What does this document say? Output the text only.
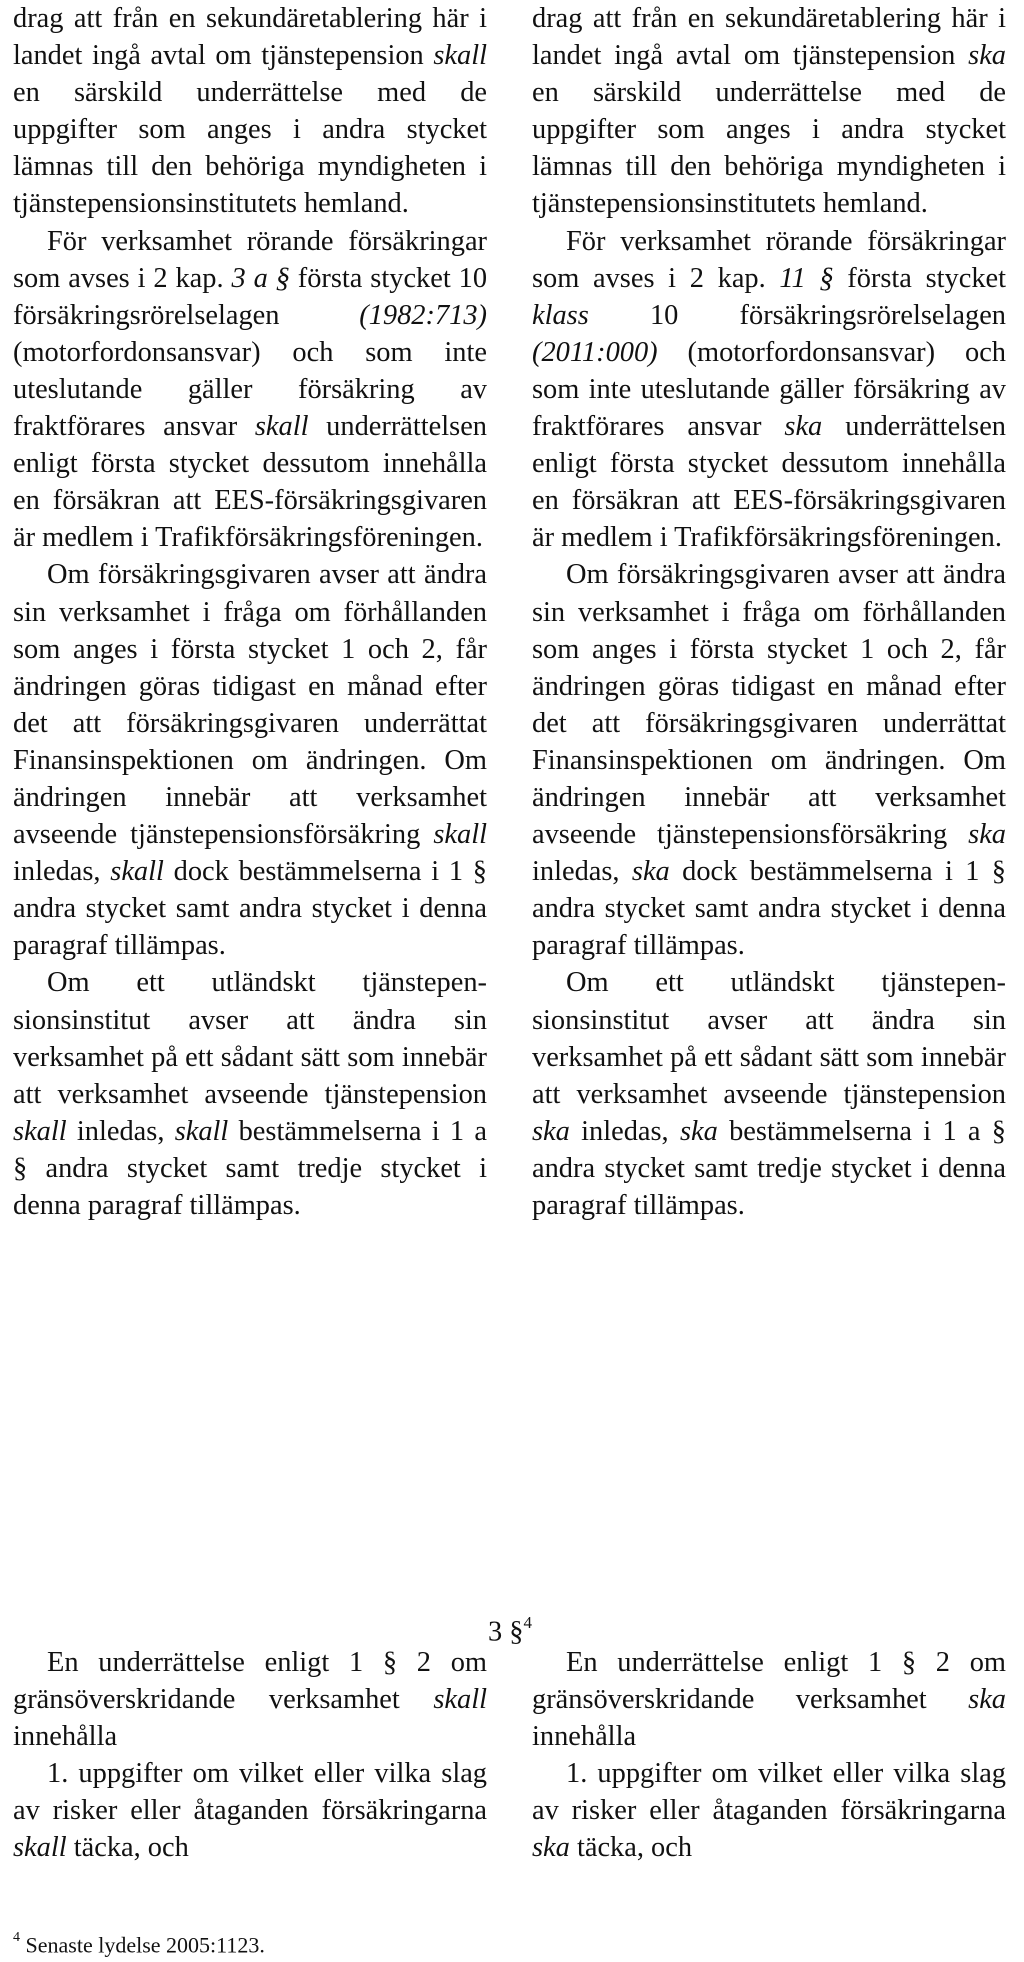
drag att från en sekundäretablering här i landet ingå avtal om tjänstepension skall en särskild underrättelse med de uppgifter som anges i andra stycket lämnas till den behöriga myndigheten i tjänstepensionsinstitutets hemland.

För verksamhet rörande försäkringar som avses i 2 kap. 3 a § första stycket 10 försäkringsrörelselagen (1982:713) (motorfordonsansvar) och som inte uteslutande gäller försäkring av fraktförares ansvar skall underrättelsen enligt första stycket dessutom innehålla en försäkran att EES-försäkringsgivaren är medlem i Trafikförsäkringsföreningen.

Om försäkringsgivaren avser att ändra sin verksamhet i fråga om förhållanden som anges i första stycket 1 och 2, får ändringen göras tidigast en månad efter det att försäkringsgivaren underrättat Finansinspektionen om ändringen. Om ändringen innebär att verksamhet avseende tjänstepensionsförsäkring skall inledas, skall dock bestämmelserna i 1 § andra stycket samt andra stycket i denna paragraf tillämpas.

Om ett utländskt tjänstepensionsinstitut avser att ändra sin verksamhet på ett sådant sätt som innebär att verksamhet avseende tjänstepension skall inledas, skall bestämmelserna i 1 a § andra stycket samt tredje stycket i denna paragraf tillämpas.

drag att från en sekundäretablering här i landet ingå avtal om tjänstepension ska en särskild underrättelse med de uppgifter som anges i andra stycket lämnas till den behöriga myndigheten i tjänstepensionsinstitutets hemland.

För verksamhet rörande försäkringar som avses i 2 kap. 11 § första stycket klass 10 försäkringsrörelselagen (2011:000) (motorfordonsansvar) och som inte uteslutande gäller försäkring av fraktförares ansvar ska underrättelsen enligt första stycket dessutom innehålla en försäkran att EES-försäkringsgivaren är medlem i Trafikförsäkringsföreningen.

Om försäkringsgivaren avser att ändra sin verksamhet i fråga om förhållanden som anges i första stycket 1 och 2, får ändringen göras tidigast en månad efter det att försäkringsgivaren underrättat Finansinspektionen om ändringen. Om ändringen innebär att verksamhet avseende tjänstepensionsförsäkring ska inledas, ska dock bestämmelserna i 1 § andra stycket samt andra stycket i denna paragraf tillämpas.

Om ett utländskt tjänstepensionsinstitut avser att ändra sin verksamhet på ett sådant sätt som innebär att verksamhet avseende tjänstepension ska inledas, ska bestämmelserna i 1 a § andra stycket samt tredje stycket i denna paragraf tillämpas.

3 §$^4$

En underrättelse enligt 1 § 2 om gränsöverskridande verksamhet skall innehålla

1. uppgifter om vilket eller vilka slag av risker eller åtaganden försäkringarna skall täcka, och

En underrättelse enligt 1 § 2 om gränsöverskridande verksamhet ska innehålla

1. uppgifter om vilket eller vilka slag av risker eller åtaganden försäkringarna ska täcka, och

$^4$ Senaste lydelse 2005:1123.
